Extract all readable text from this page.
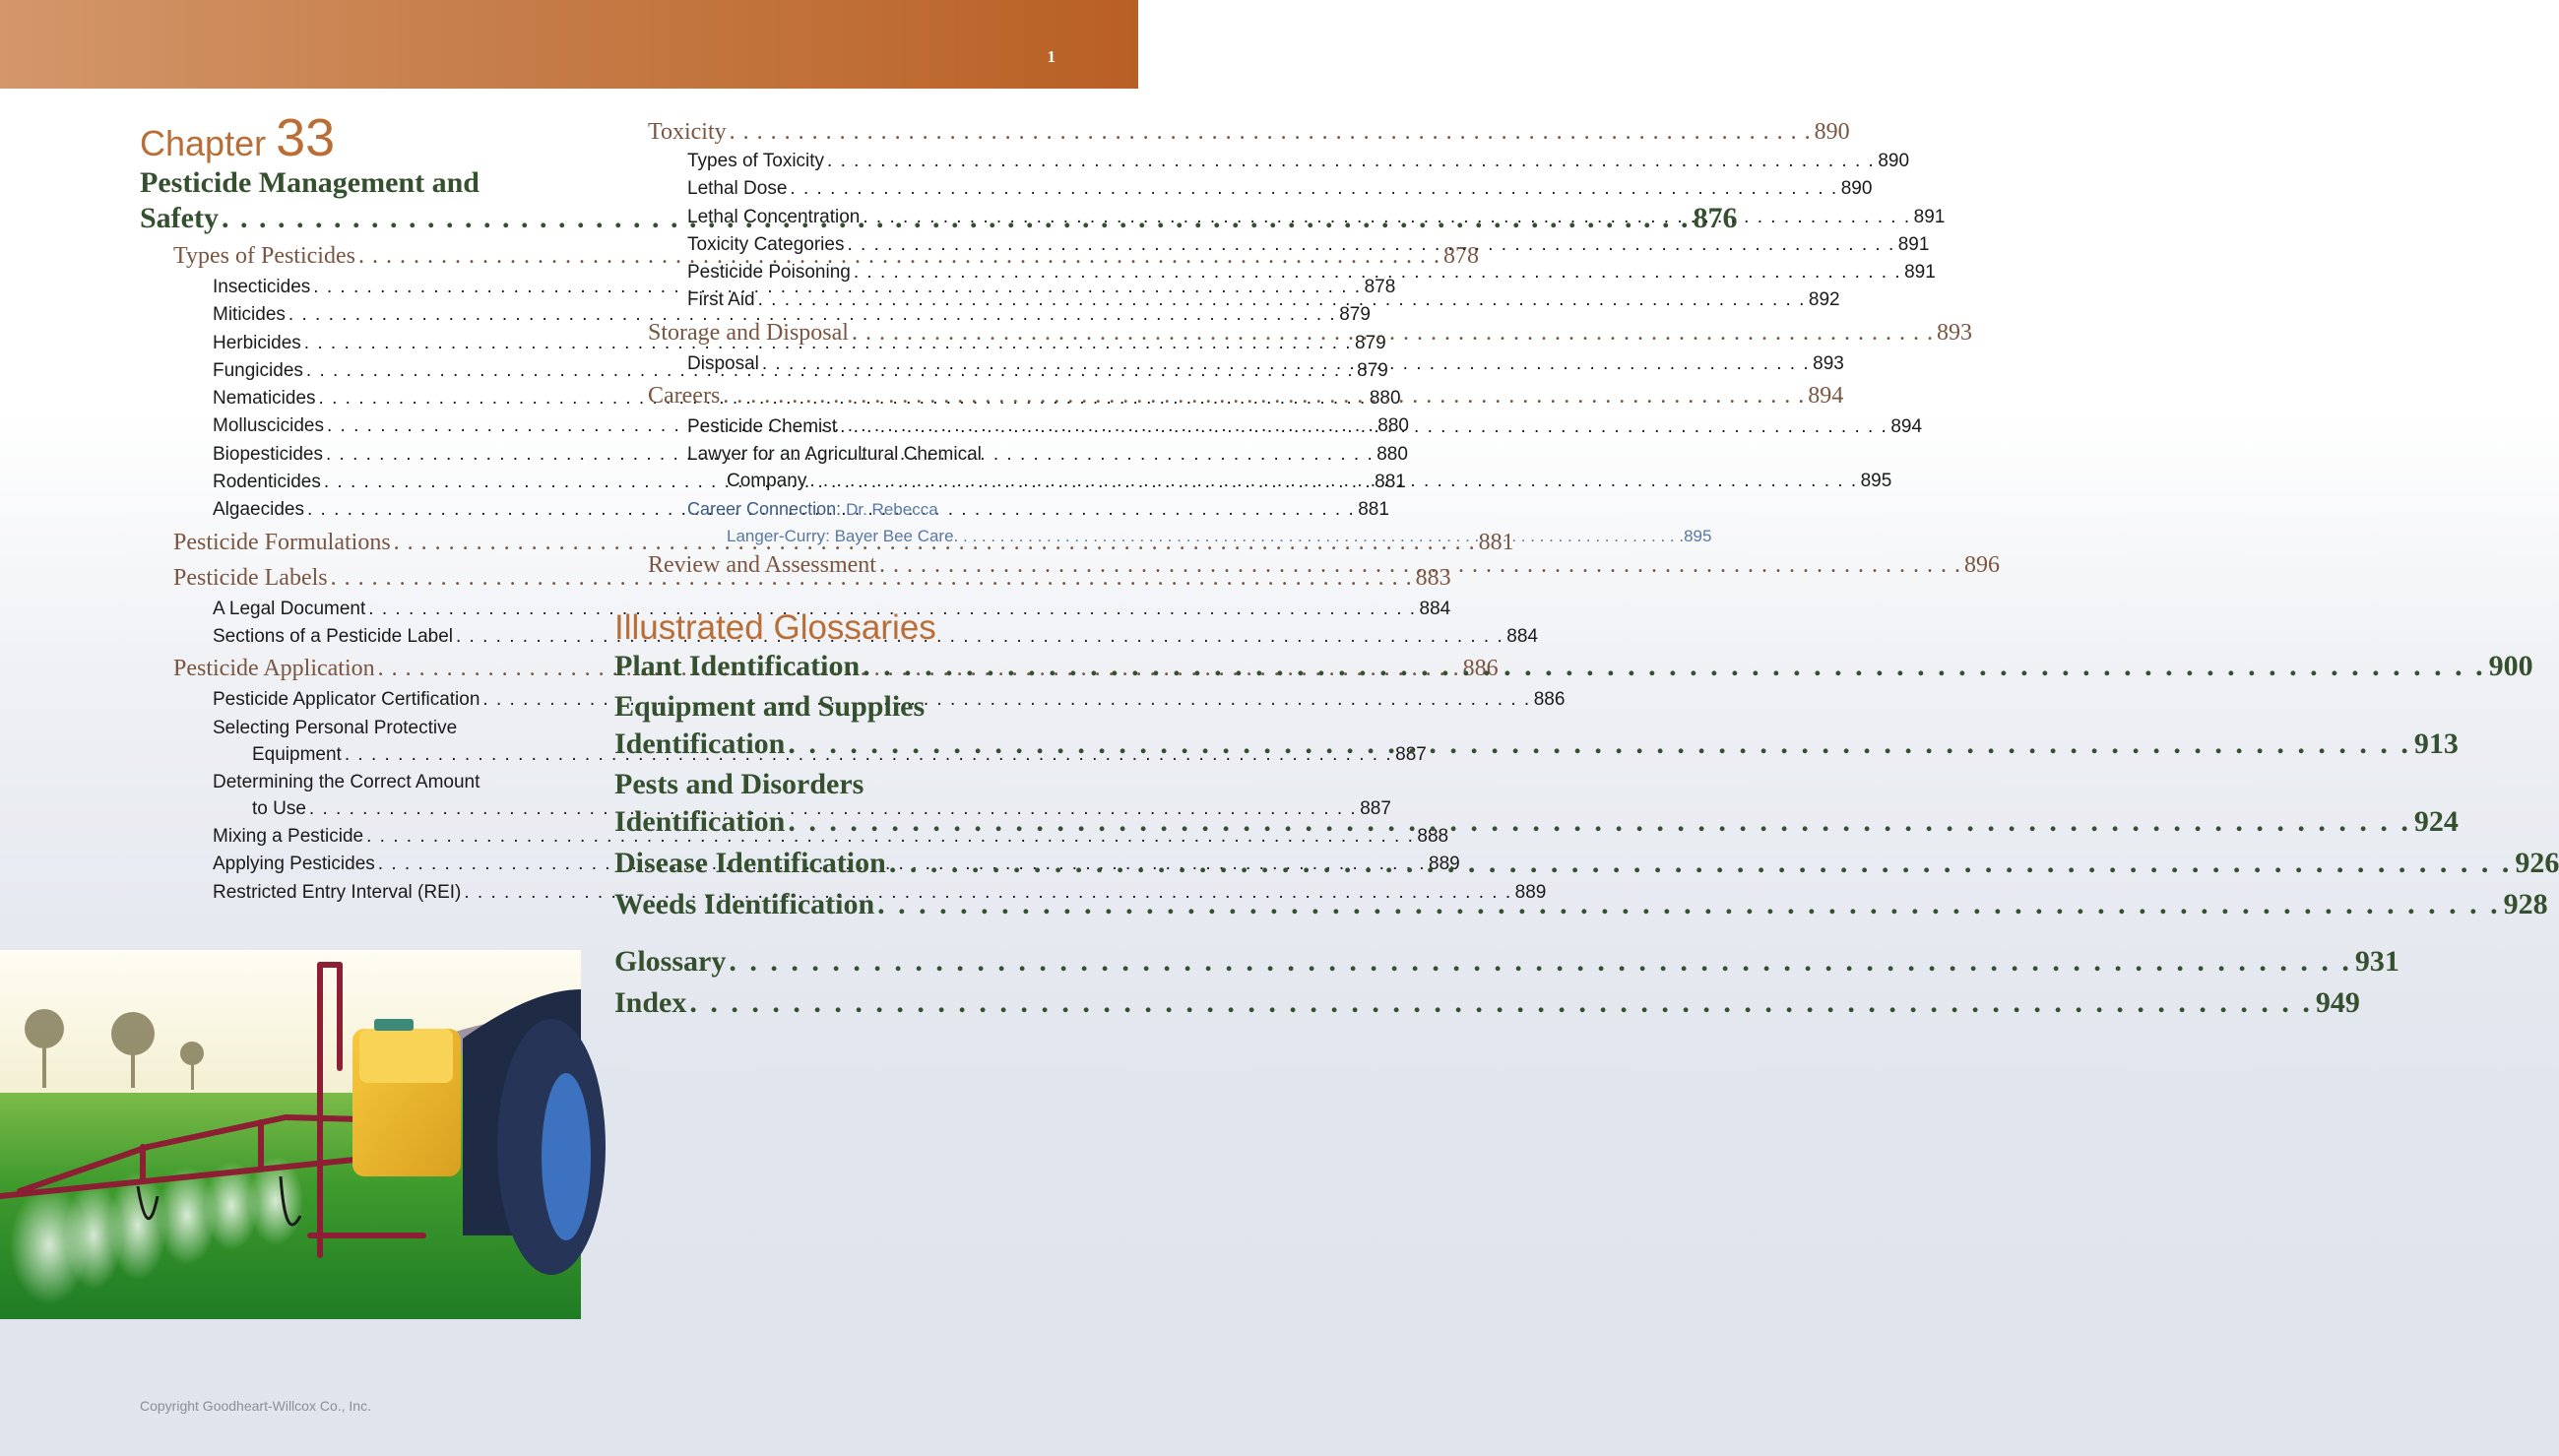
1
Chapter 33
Pesticide Management and
Safety . . .	876
Types of Pesticides . . .	878
Insecticides . . .	878
Miticides . . .	879
Herbicides . . .	879
Fungicides . . .	879
Nematicides . . .	880
Molluscicides . . .	880
Biopesticides . . .	880
Rodenticides . . .	881
Algaecides . . .	881
Pesticide Formulations . . .	881
Pesticide Labels . . .	883
A Legal Document . . .	884
Sections of a Pesticide Label . . .	884
Pesticide Application . . .	886
Pesticide Applicator Certification . . .	886
Selecting Personal Protective
Equipment . . .	887
Determining the Correct Amount
to Use . . .	887
Mixing a Pesticide . . .	888
Applying Pesticides . . .	889
Restricted Entry Interval (REI) . . .	889
Toxicity . . .	890
Types of Toxicity . . .	890
Lethal Dose . . .	890
Lethal Concentration . . .	891
Toxicity Categories . . .	891
Pesticide Poisoning . . .	891
First Aid . . .	892
Storage and Disposal . . .	893
Disposal . . .	893
Careers . . .	894
Pesticide Chemist . . .	894
Lawyer for an Agricultural Chemical
Company . . .	895
Career Connection: Dr. Rebecca
Langer-Curry: Bayer Bee Care . . .	895
Review and Assessment . . .	896
Illustrated Glossaries
Plant Identification . . .	900
Equipment and Supplies
Identification . . .	913
Pests and Disorders
Identification . . .	924
Disease Identification . . .	926
Weeds Identification . . .	928
Glossary . . .	931
Index . . .	949
Copyright Goodheart-Willcox Co., Inc.
